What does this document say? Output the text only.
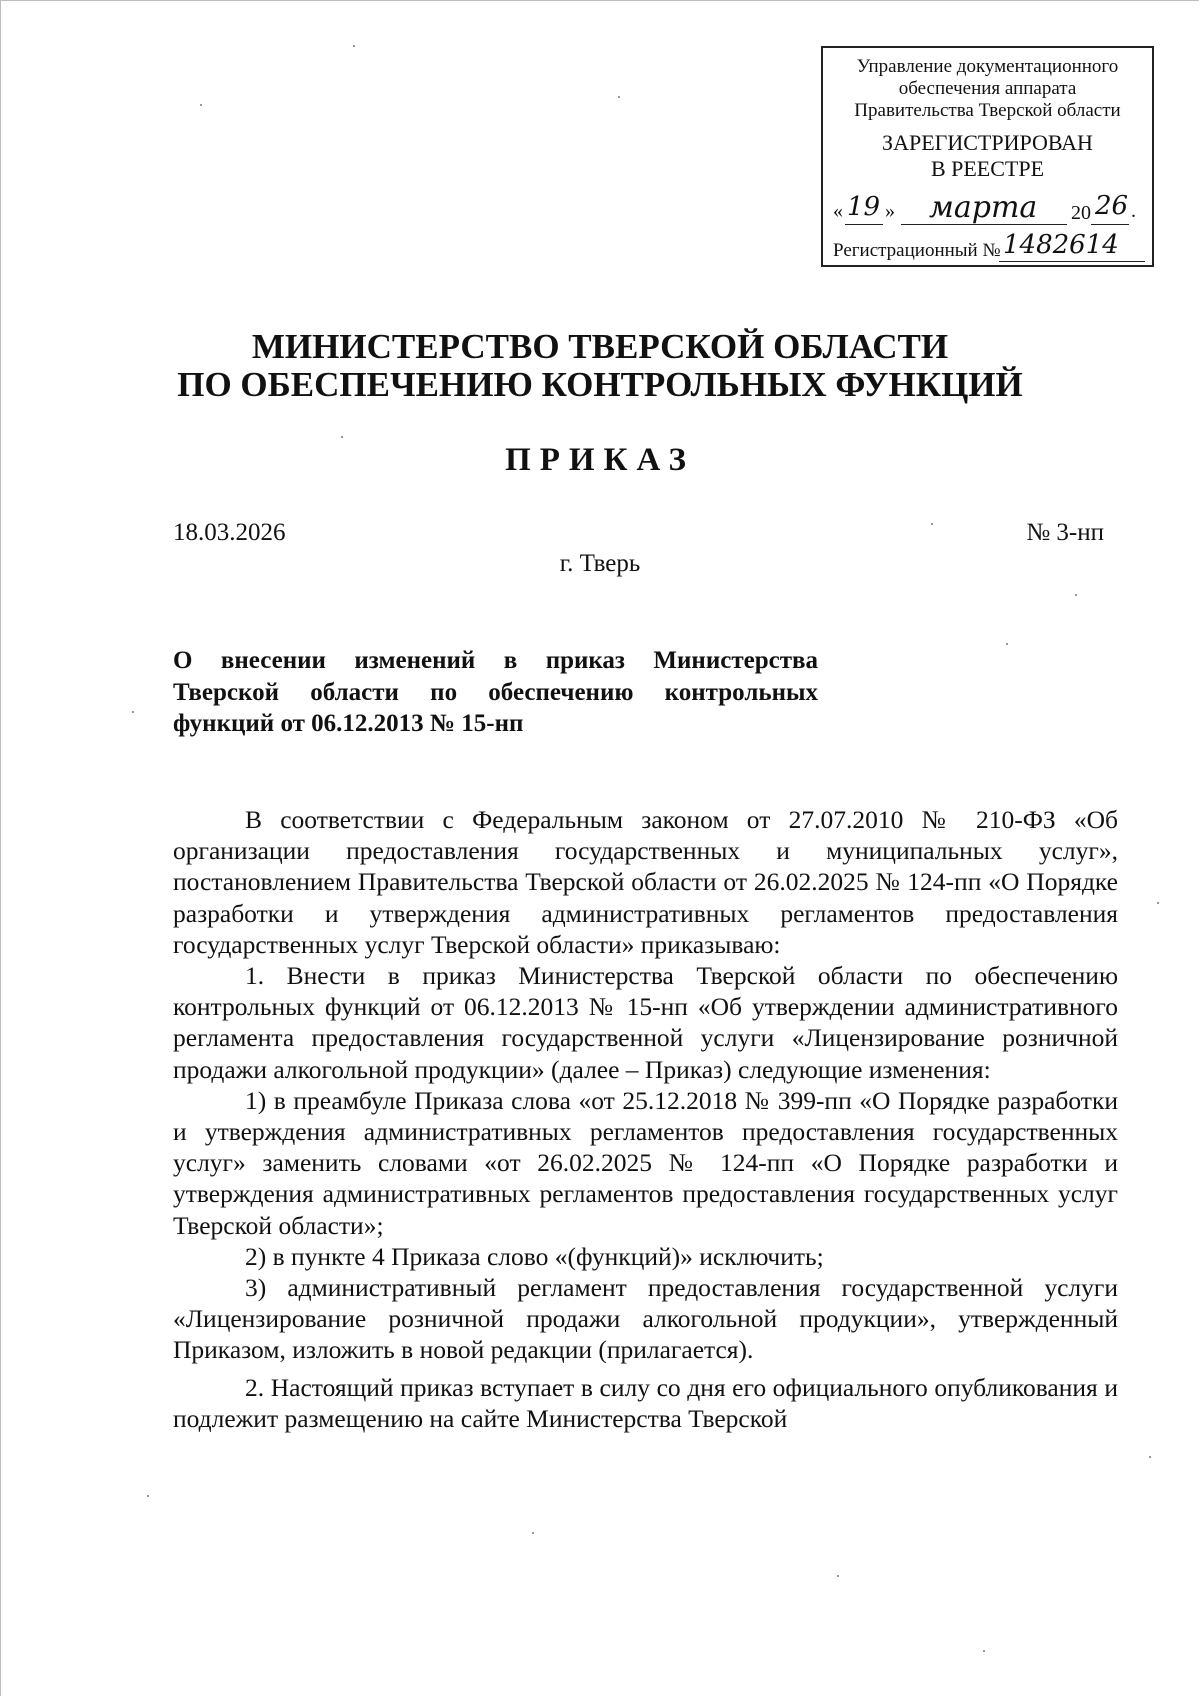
Управление документационного
обеспечения аппарата
Правительства Тверской области
ЗАРЕГИСТРИРОВАН
В РЕЕСТРЕ
« 19 » марта 20 26 .
Регистрационный № 1482614
МИНИСТЕРСТВО ТВЕРСКОЙ ОБЛАСТИ
ПО ОБЕСПЕЧЕНИЮ КОНТРОЛЬНЫХ ФУНКЦИЙ
ПРИКАЗ
18.03.2026	№ 3-нп
г. Тверь
О внесении изменений в приказ Министерства Тверской области по обеспечению контрольных функций от 06.12.2013 № 15-нп

В соответствии с Федеральным законом от 27.07.2010 № 210-ФЗ «Об организации предоставления государственных и муниципальных услуг», постановлением Правительства Тверской области от 26.02.2025 № 124-пп «О Порядке разработки и утверждения административных регламентов предоставления государственных услуг Тверской области» приказываю:

1. Внести в приказ Министерства Тверской области по обеспечению контрольных функций от 06.12.2013 № 15-нп «Об утверждении административного регламента предоставления государственной услуги «Лицензирование розничной продажи алкогольной продукции» (далее – Приказ) следующие изменения:

1) в преамбуле Приказа слова «от 25.12.2018 № 399-пп «О Порядке разработки и утверждения административных регламентов предоставления государственных услуг» заменить словами «от 26.02.2025 № 124-пп «О Порядке разработки и утверждения административных регламентов предоставления государственных услуг Тверской области»;

2) в пункте 4 Приказа слово «(функций)» исключить;

3) административный регламент предоставления государственной услуги «Лицензирование розничной продажи алкогольной продукции», утвержденный Приказом, изложить в новой редакции (прилагается).

2. Настоящий приказ вступает в силу со дня его официального опубликования и подлежит размещению на сайте Министерства Тверской
